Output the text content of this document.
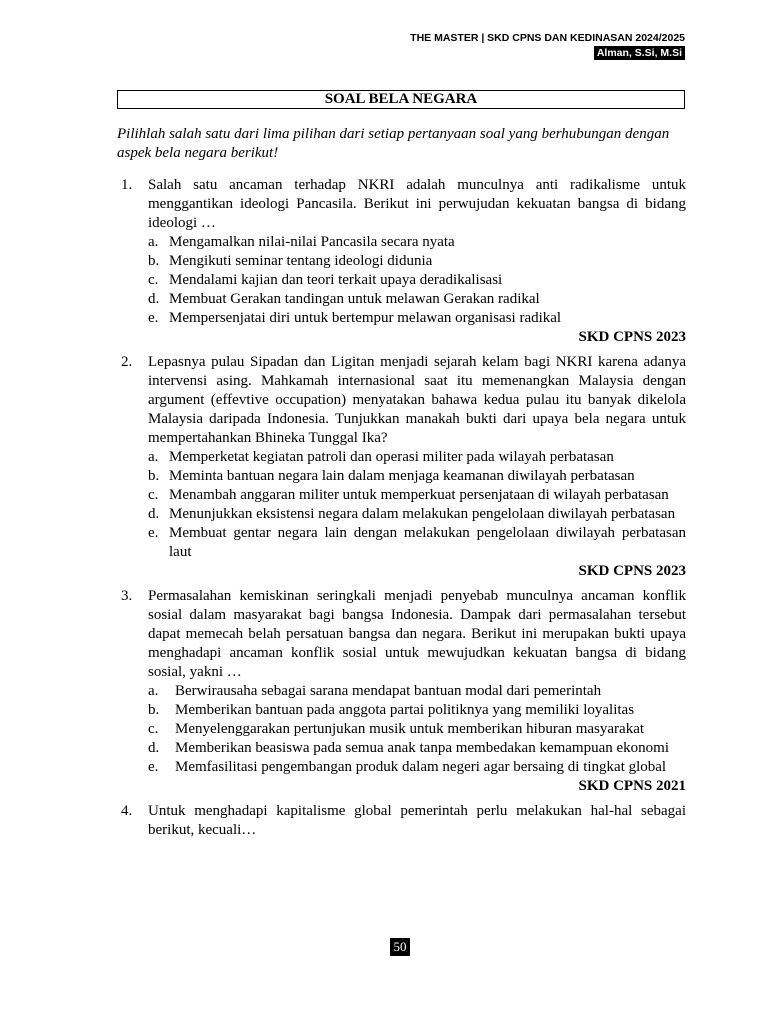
THE MASTER | SKD CPNS DAN KEDINASAN 2024/2025
Alman, S.Si, M.Si
SOAL BELA NEGARA
Pilihlah salah satu dari lima pilihan dari setiap pertanyaan soal yang berhubungan dengan aspek bela negara berikut!
1. Salah satu ancaman terhadap NKRI adalah munculnya anti radikalisme untuk menggantikan ideologi Pancasila. Berikut ini perwujudan kekuatan bangsa di bidang ideologi …
a. Mengamalkan nilai-nilai Pancasila secara nyata
b. Mengikuti seminar tentang ideologi didunia
c. Mendalami kajian dan teori terkait upaya deradikalisasi
d. Membuat Gerakan tandingan untuk melawan Gerakan radikal
e. Mempersenjatai diri untuk bertempur melawan organisasi radikal
SKD CPNS 2023
2. Lepasnya pulau Sipadan dan Ligitan menjadi sejarah kelam bagi NKRI karena adanya intervensi asing. Mahkamah internasional saat itu memenangkan Malaysia dengan argument (effevtive occupation) menyatakan bahawa kedua pulau itu banyak dikelola Malaysia daripada Indonesia. Tunjukkan manakah bukti dari upaya bela negara untuk mempertahankan Bhineka Tunggal Ika?
a. Memperketat kegiatan patroli dan operasi militer pada wilayah perbatasan
b. Meminta bantuan negara lain dalam menjaga keamanan diwilayah perbatasan
c. Menambah anggaran militer untuk memperkuat persenjataan di wilayah perbatasan
d. Menunjukkan eksistensi negara dalam melakukan pengelolaan diwilayah perbatasan
e. Membuat gentar negara lain dengan melakukan pengelolaan diwilayah perbatasan laut
SKD CPNS 2023
3. Permasalahan kemiskinan seringkali menjadi penyebab munculnya ancaman konflik sosial dalam masyarakat bagi bangsa Indonesia. Dampak dari permasalahan tersebut dapat memecah belah persatuan bangsa dan negara. Berikut ini merupakan bukti upaya menghadapi ancaman konflik sosial untuk mewujudkan kekuatan bangsa di bidang sosial, yakni …
a. Berwirausaha sebagai sarana mendapat bantuan modal dari pemerintah
b. Memberikan bantuan pada anggota partai politiknya yang memiliki loyalitas
c. Menyelenggarakan pertunjukan musik untuk memberikan hiburan masyarakat
d. Memberikan beasiswa pada semua anak tanpa membedakan kemampuan ekonomi
e. Memfasilitasi pengembangan produk dalam negeri agar bersaing di tingkat global
SKD CPNS 2021
4. Untuk menghadapi kapitalisme global pemerintah perlu melakukan hal-hal sebagai berikut, kecuali…
50
